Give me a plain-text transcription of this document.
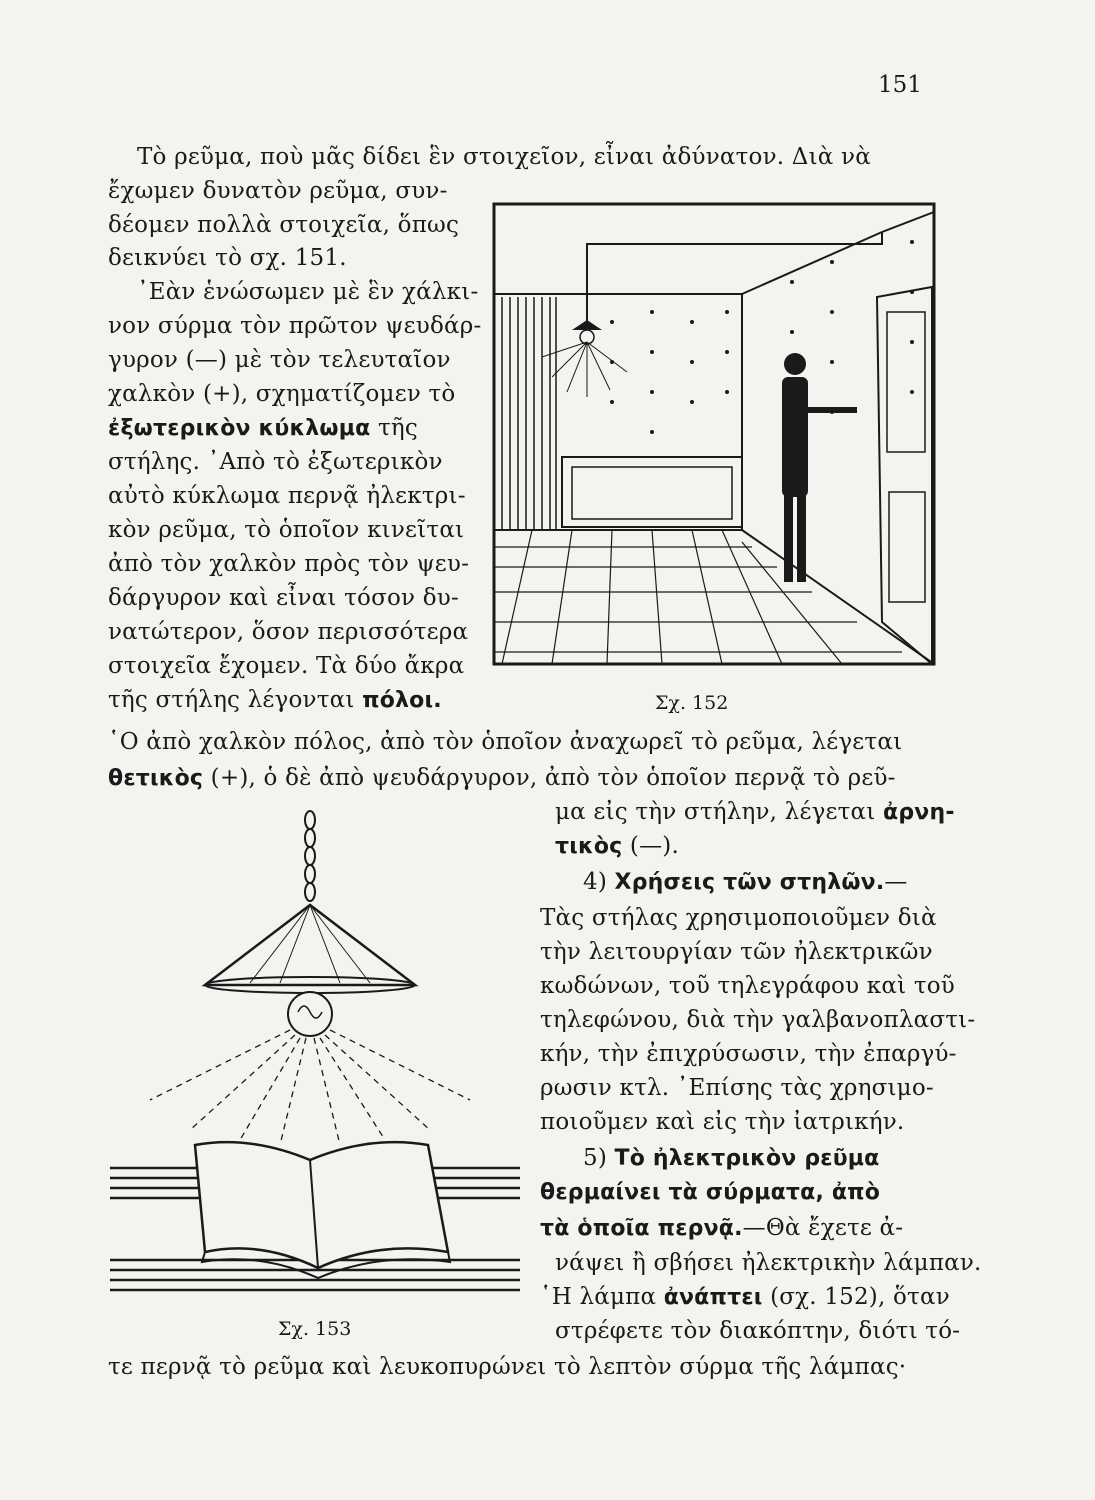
151
Τὸ ρεῦμα, ποὺ μᾶς δίδει ἓν στοιχεῖον, εἶναι ἀδύνατον. Διὰ νὰ
ἔχωμεν δυνατὸν ρεῦμα, συν-
δέομεν πολλὰ στοιχεῖα, ὅπως
δεικνύει τὸ σχ. 151.
᾽Εὰν ἑνώσωμεν μὲ ἓν χάλκι-
νον σύρμα τὸν πρῶτον ψευδάρ-
γυρον (—) μὲ τὸν τελευταῖον
χαλκὸν (+), σχηματίζομεν τὸ
ἐξωτερικὸν κύκλωμα τῆς
στήλης. ᾽Απὸ τὸ ἐξωτερικὸν
αὐτὸ κύκλωμα περνᾷ ἠλεκτρι-
κὸν ρεῦμα, τὸ ὁποῖον κινεῖται
ἀπὸ τὸν χαλκὸν πρὸς τὸν ψευ-
δάργυρον καὶ εἶναι τόσον δυ-
νατώτερον, ὅσον περισσότερα
στοιχεῖα ἔχομεν. Τὰ δύο ἄκρα
τῆς στήλης λέγονται πόλοι.	Σχ. 152
῾Ο ἀπὸ χαλκὸν πόλος, ἀπὸ τὸν ὁποῖον ἀναχωρεῖ τὸ ρεῦμα, λέγεται
θετικὸς (+), ὁ δὲ ἀπὸ ψευδάργυρον, ἀπὸ τὸν ὁποῖον περνᾷ τὸ ρεῦ-
μα εἰς τὴν στήλην, λέγεται ἀρνη-
τικὸς (—).
4) Χρήσεις τῶν στηλῶν.—
Τὰς στήλας χρησιμοποιοῦμεν διὰ
τὴν λειτουργίαν τῶν ἠλεκτρικῶν
κωδώνων, τοῦ τηλεγράφου καὶ τοῦ
τηλεφώνου, διὰ τὴν γαλβανοπλαστι-
κήν, τὴν ἐπιχρύσωσιν, τὴν ἐπαργύ-
ρωσιν κτλ. ᾽Επίσης τὰς χρησιμο-
ποιοῦμεν καὶ εἰς τὴν ἰατρικήν.
5) Τὸ ἠλεκτρικὸν ρεῦμα
θερμαίνει τὰ σύρματα, ἀπὸ
τὰ ὁποῖα περνᾷ.—Θὰ ἔχετε ἀ-
νάψει ἢ σβήσει ἠλεκτρικὴν λάμπαν.
῾Η λάμπα ἀνάπτει (σχ. 152), ὅταν
στρέφετε τὸν διακόπτην, διότι τό-
τε περνᾷ τὸ ρεῦμα καὶ λευκοπυρώνει τὸ λεπτὸν σύρμα τῆς λάμπας·
Σχ. 153
